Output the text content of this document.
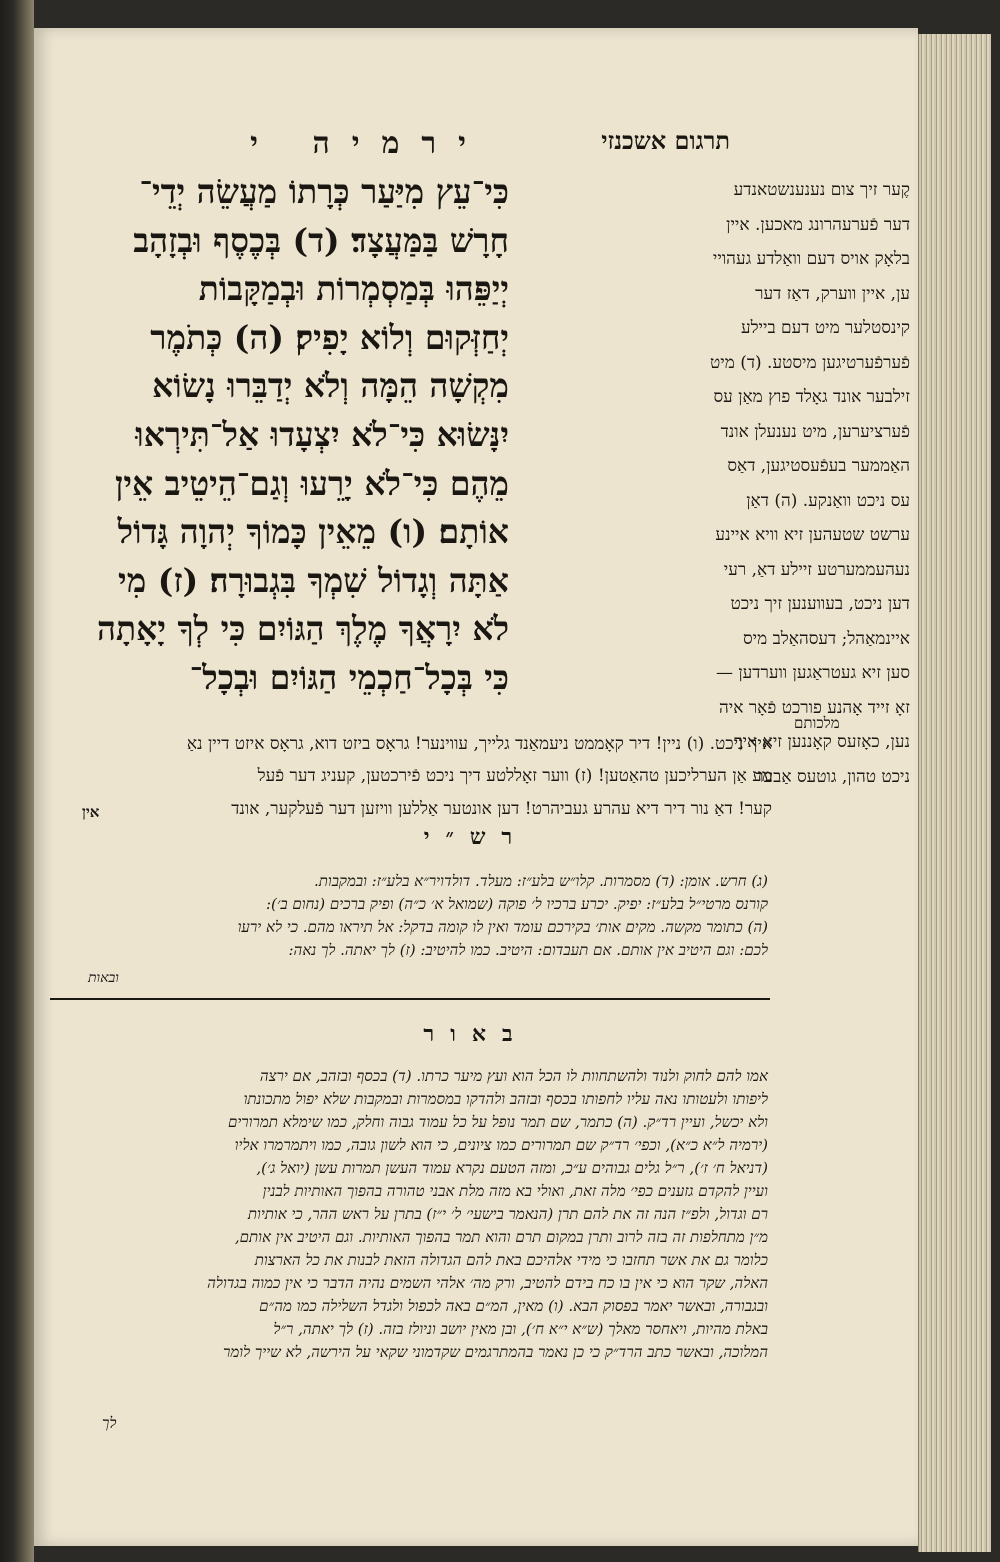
תרגום אשכנזי
ירמיה י
כִּי־עֵץ מִיַּעַר כְּרָתוֹ מַעֲשֵׂה יְדֵי־
חָרָשׁ בַּמַּעֲצָד׃ (ד) בְּכֶסֶף וּבְזָהָב
יְיַפֵּהוּ בְּמַסְמְרוֹת וּבְמַקָּבוֹת
יְחַזְּקוּם וְלוֹא יָפִיק׃ (ה) כְּתֹמֶר
מִקְשָׁה הֵמָּה וְלֹא יְדַבֵּרוּ נָשׂוֹא
יִנָּשׂוּא כִּי־לֹא יִצְעָדוּ אַל־תִּירְאוּ
מֵהֶם כִּי־לֹא יָרֵעוּ וְגַם־הֵיטֵיב אֵין
אוֹתָם׃ (ו) מֵאֵין כָּמוֹךָ יְהוָה גָּדוֹל
אַתָּה וְגָדוֹל שִׁמְךָ בִּגְבוּרָה׃ (ז) מִי
לֹא יִרָאֲךָ מֶלֶךְ הַגּוֹיִם כִּי לְךָ יָאָתָה
כִּי בְּכָל־חַכְמֵי הַגּוֹיִם וּבְכָל־
קֶער זיך צום נענענשטאנדע
דער פֿערעהרונג מאכען. איין
בלאָק אויס דעם וואַלדע געהויי
ען, איין ווערק, דאַז דער
קינסטלער מיט דעם ביילע
פֿערפֿערטיגען מיסטע. (ד) מיט
זילבער אונד גאָלד פוץ מאַן עס
פֿערציערען, מיט נענעלן אונד
האַממער בעפֿעסטיגען, דאַס
עס ניכט וואַנקע. (ה) דאַן
ערשט שטעהען זיא וויא איינע
נעהעממערטע זיילע דאַ, רעי
דען ניכט, בעווענען זיך ניכט
איינמאַהל; דעסהאַלב מיס
סען זיא געטראַגען ווערדען —
זאָ זייד אָהנע פורכט פֿאָר איה
נען, כאָזעס קאָננען זיא איך
ניכט טהון, גוטעס אַבער
מלכותם
איך ניכט. (ו) ניין! דיר קאָממט ניעמאַנד גלייך, עווינער! גראָס ביזט דוא, גראָס איזט דיין נאַ
מע אַן הערליכען טהאַטען! (ז) ווער זאָללטע דיך ניכט פֿירכטען, קעניג דער פֿעל
קער! דאַ נור דיר דיא עהרע געביהרט! דען אונטער אַללען וויזען דער פֿעלקער, אונד
אין
רש״י
(ג) חרש. אומן: (ד) מסמרות. קלו״ש בלע״ז: מעלד. דולדויר״א בלע״ז: ובמקבות.
קורנס מרטי״ל בלע״ז: יפיק. יכרע ברכיו ל׳ פוקה (שמואל א׳ כ״ה) ופיק ברכים (נחום ב׳):
(ה) כתומר מקשה. מקים אות׳ בקירכם עומד ואין לו קומה בדקל: אל תיראו מהם. כי לא ירעו
לכם: וגם היטיב אין אותם. אם תעבדום: היטיב. כמו להיטיב: (ז) לך יאתה. לך נאה:
ובאות
באור
אמו להם לחוק ולנוד ולהשתחוות לו הכל הוא ועץ מיער כרתו. (ד) בכסף ובזהב, אם ירצה
ליפותו ולעטותו נאה עליו לחפותו בכסף ובזהב ולהדקו במסמרות ובמקבות שלא יפול מתכונתו
ולא יכשל, ועיין רד״ק. (ה) כתמר, שם תמר נופל על כל עמוד גבוה וחלק, כמו שימלא תמרורים
(ירמיה ל״א כ״א), וכפי׳ רד״ק שם תמרורים כמו ציונים, כי הוא לשון גובה, כמו ויתמרמרו אליו
(דניאל ח׳ ז׳), ר״ל גלים גבוהים ע״כ, ומזה הטעם נקרא עמוד העשן תמרות עשן (יואל ג׳),
ועיין להקדם גזענים כפי׳ מלה זאת, ואולי בא מזה מלת אבני טהורה בהפוך האותיות לבנין
רם וגדול, ולפ״ז הנה זה את להם תרן (הנאמר בישעי׳ ל׳ י״ז) בתרן על ראש ההר, כי אותיות
מ״ן מתחלפות זה בזה לרוב ותרן במקום תרם והוא תמר בהפוך האותיות. וגם היטיב אין אותם,
כלומר גם את אשר תחזבו כי מידי אלהיכם באת להם הגדולה הזאת לבנות את כל הארצות
האלה, שקר הוא כי אין בו כח בידם להטיב, ורק מה׳ אלהי השמים נהיה הדבר כי אין כמוה בגדולה
ובגבורה, ובאשר יאמר בפסוק הבא. (ו) מאין, המ״ם באה לכפול ולגדל השלילה כמו מה״ם
באלת מהיות, ויאחסר מאלך (ש״א י״א ח׳), ובן מאין יושב וניולז בזה. (ז) לך יאתה, ר״ל
המלוכה, ובאשר כתב הרד״ק כי כן נאמר בהמתרגמים שקדמוני שקאי על הירשה, לא שייך לומר
לך
